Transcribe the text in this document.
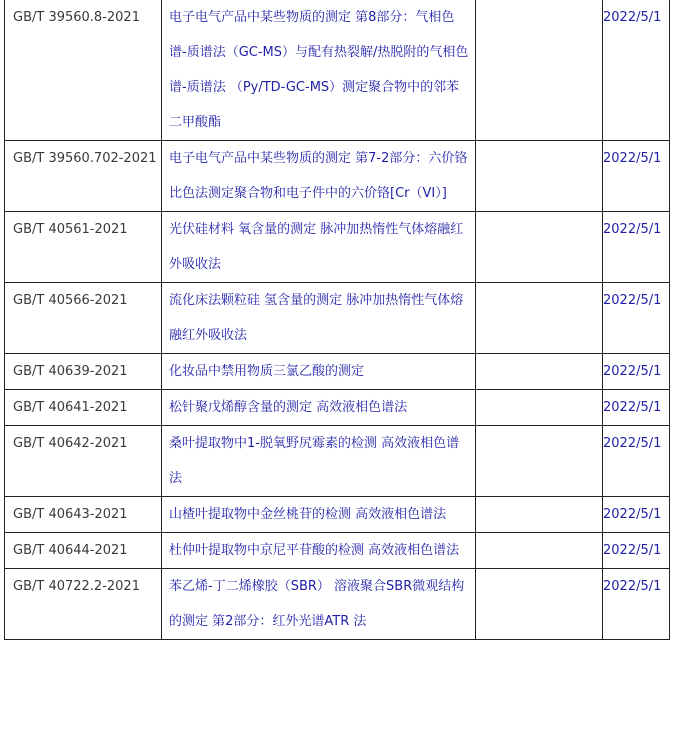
GB/T 39560.8-2021	电子电气产品中某些物质的测定 第8部分：气相色谱-质谱法（GC-MS）与配有热裂解/热脱附的气相色谱-质谱法 （Py/TD-GC-MS）测定聚合物中的邻苯二甲酸酯		2022/5/1
GB/T 39560.702-2021	电子电气产品中某些物质的测定 第7-2部分：六价铬 比色法测定聚合物和电子件中的六价铬[Cr（VI）]		2022/5/1
GB/T 40561-2021	光伏硅材料 氧含量的测定 脉冲加热惰性气体熔融红外吸收法		2022/5/1
GB/T 40566-2021	流化床法颗粒硅 氢含量的测定 脉冲加热惰性气体熔融红外吸收法		2022/5/1
GB/T 40639-2021	化妆品中禁用物质三氯乙酸的测定		2022/5/1
GB/T 40641-2021	松针聚戊烯醇含量的测定 高效液相色谱法		2022/5/1
GB/T 40642-2021	桑叶提取物中1-脱氧野尻霉素的检测 高效液相色谱法		2022/5/1
GB/T 40643-2021	山楂叶提取物中金丝桃苷的检测 高效液相色谱法		2022/5/1
GB/T 40644-2021	杜仲叶提取物中京尼平苷酸的检测 高效液相色谱法		2022/5/1
GB/T 40722.2-2021	苯乙烯-丁二烯橡胶（SBR） 溶液聚合SBR微观结构的测定 第2部分：红外光谱ATR 法		2022/5/1
